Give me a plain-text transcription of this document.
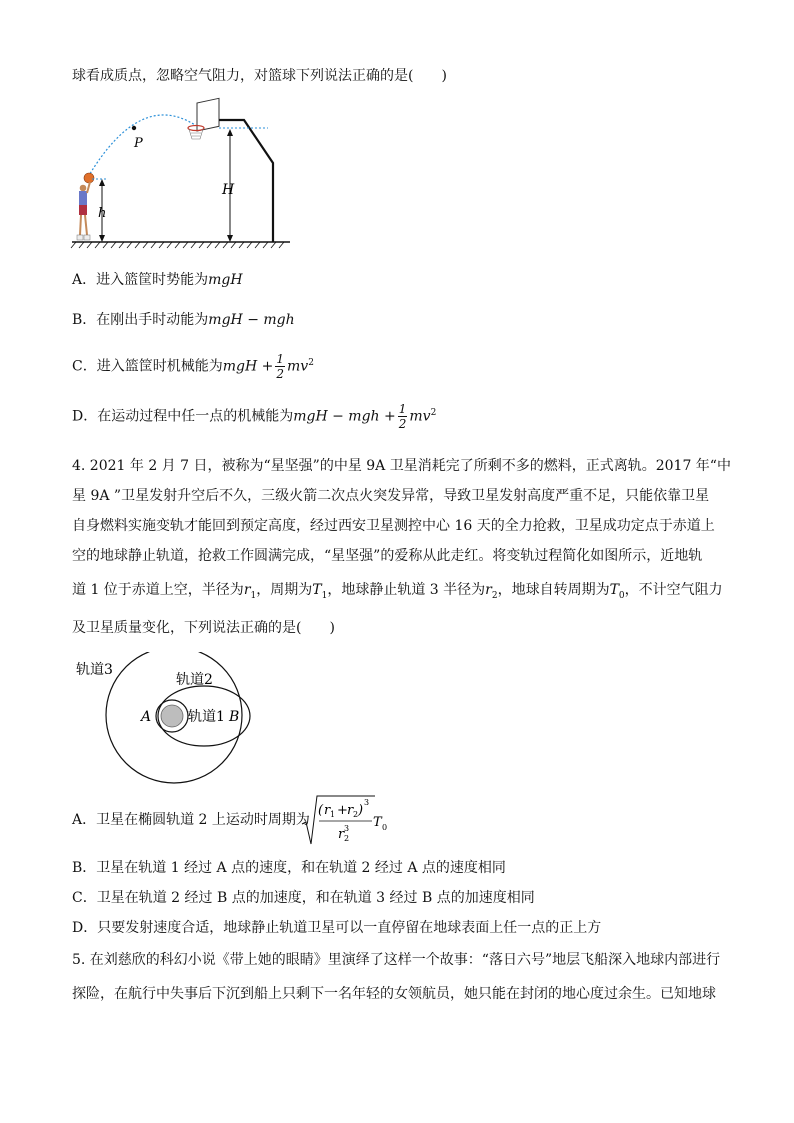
球看成质点，忽略空气阻力，对篮球下列说法正确的是(　　)
P
h
H
A．进入篮筐时势能为mgH
B．在刚出手时动能为mgH − mgh
C．进入篮筐时机械能为mgH + $\frac{1}{2} mv^2$
D．在运动过程中任一点的机械能为mgH − mgh + $\frac{1}{2} mv^2$
4. 2021 年 2 月 7 日，被称为“星坚强”的中星 9A 卫星消耗完了所剩不多的燃料，正式离轨。2017 年“中
星 9A ”卫星发射升空后不久，三级火箭二次点火突发异常，导致卫星发射高度严重不足，只能依靠卫星
自身燃料实施变轨才能回到预定高度，经过西安卫星测控中心 16 天的全力抢救，卫星成功定点于赤道上
空的地球静止轨道，抢救工作圆满完成，“星坚强”的爱称从此走红。将变轨过程简化如图所示，近地轨
道 1 位于赤道上空，半径为$r_1$，周期为$T_1$，地球静止轨道 3 半径为$r_2$，地球自转周期为$T_0$，不计空气阻力
及卫星质量变化，下列说法正确的是(　　)
轨道3
轨道2
轨道1
A	B
A．卫星在椭圆轨道 2 上运动时周期为
( r 1 + r 2 )
3
r 2
3 T 0
B．卫星在轨道 1 经过 A 点的速度，和在轨道 2 经过 A 点的速度相同
C．卫星在轨道 2 经过 B 点的加速度，和在轨道 3 经过 B 点的加速度相同
D．只要发射速度合适，地球静止轨道卫星可以一直停留在地球表面上任一点的正上方
5. 在刘慈欣的科幻小说《带上她的眼睛》里演绎了这样一个故事：“落日六号”地层飞船深入地球内部进行
探险，在航行中失事后下沉到船上只剩下一名年轻的女领航员，她只能在封闭的地心度过余生。已知地球
